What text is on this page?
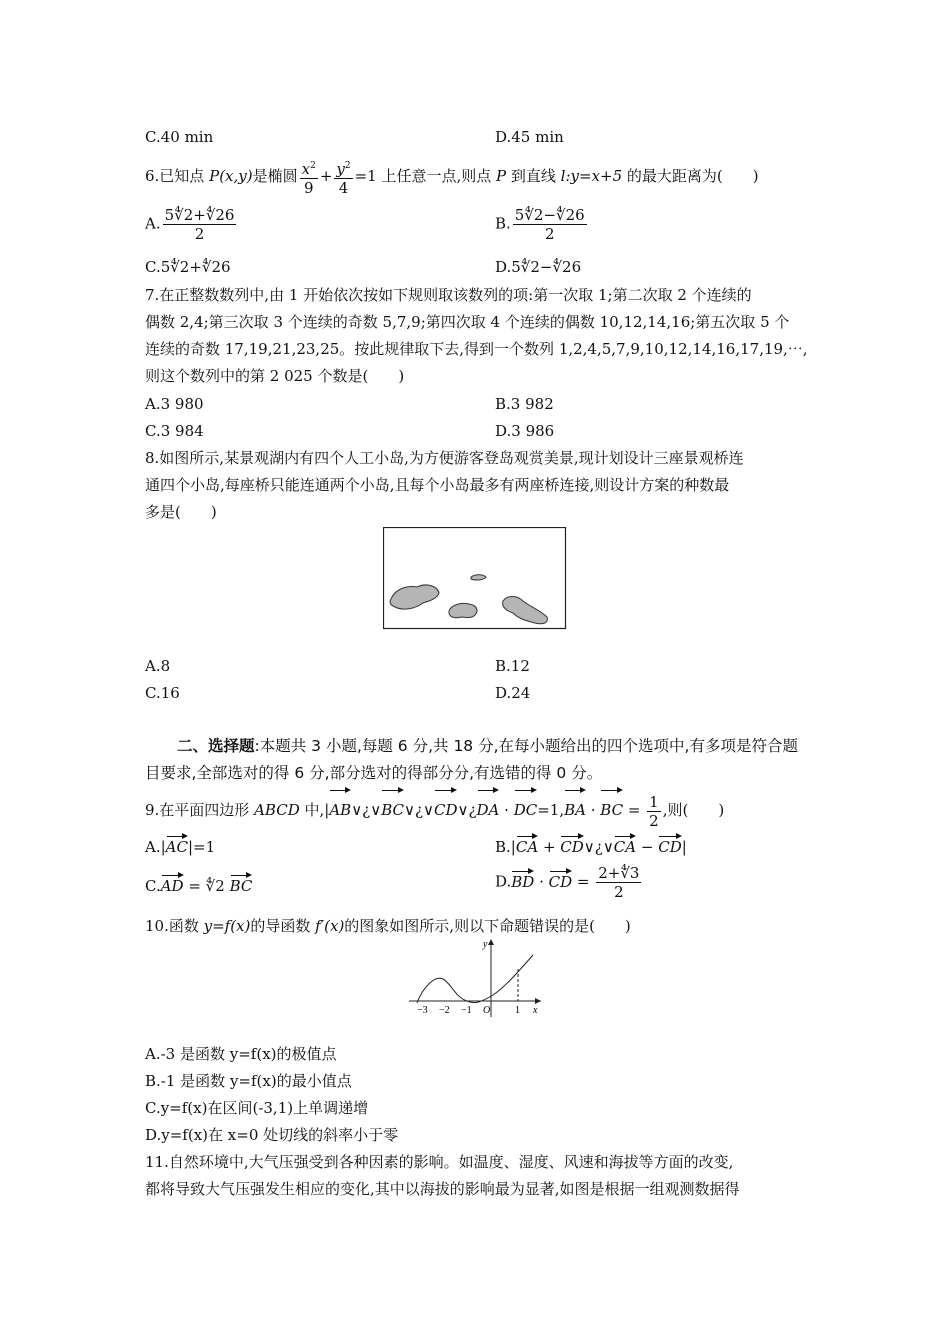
C.40 min	D.45 min
6.已知点 P(x,y)是椭圆 $\frac{x^2}{9} + \frac{y^2}{4} =1$ 上任意一点,则点 P 到直线 l:y=x+5 的最大距离为(　　)
A. $\frac{5∜2+∜26}{2}$	B. $\frac{5∜2-∜26}{2}$
C.5∜2+∜26	D.5∜2−∜26
7.在正整数数列中,由 1 开始依次按如下规则取该数列的项:第一次取 1;第二次取 2 个连续的
偶数 2,4;第三次取 3 个连续的奇数 5,7,9;第四次取 4 个连续的偶数 10,12,14,16;第五次取 5 个
连续的奇数 17,19,21,23,25。按此规律取下去,得到一个数列 1,2,4,5,7,9,10,12,14,16,17,19,⋯,
则这个数列中的第 2 025 个数是(　　)
A.3 980	B.3 982
C.3 984	D.3 986
8.如图所示,某景观湖内有四个人工小岛,为方便游客登岛观赏美景,现计划设计三座景观桥连
通四个小岛,每座桥只能连通两个小岛,且每个小岛最多有两座桥连接,则设计方案的种数最
多是(　　)
A.8	B.12
C.16	D.24
二、选择题:本题共 3 小题,每题 6 分,共 18 分,在每小题给出的四个选项中,有多项是符合题目要求,全部选对的得 6 分,部分选对的得部分分,有选错的得 0 分。
9.在平面四边形 ABCD 中,|AB∨¿∨BC∨¿∨CD∨¿DA · DC=1,BA · BC = $\frac{1}{2}$ ,则(　　)
A.|AC|=1	B.|CA + CD∨¿∨CA − CD|
C.AD = ∜2 BC	D.BD · CD = $\frac{2+∜3}{2}$
10.函数 y=f(x)的导函数 f′(x)的图象如图所示,则以下命题错误的是(　　)
y
x
O
−3 −2 −1	1
A.-3 是函数 y=f(x)的极值点
B.-1 是函数 y=f(x)的最小值点
C.y=f(x)在区间(-3,1)上单调递增
D.y=f(x)在 x=0 处切线的斜率小于零
11.自然环境中,大气压强受到各种因素的影响。如温度、湿度、风速和海拔等方面的改变,
都将导致大气压强发生相应的变化,其中以海拔的影响最为显著,如图是根据一组观测数据得
